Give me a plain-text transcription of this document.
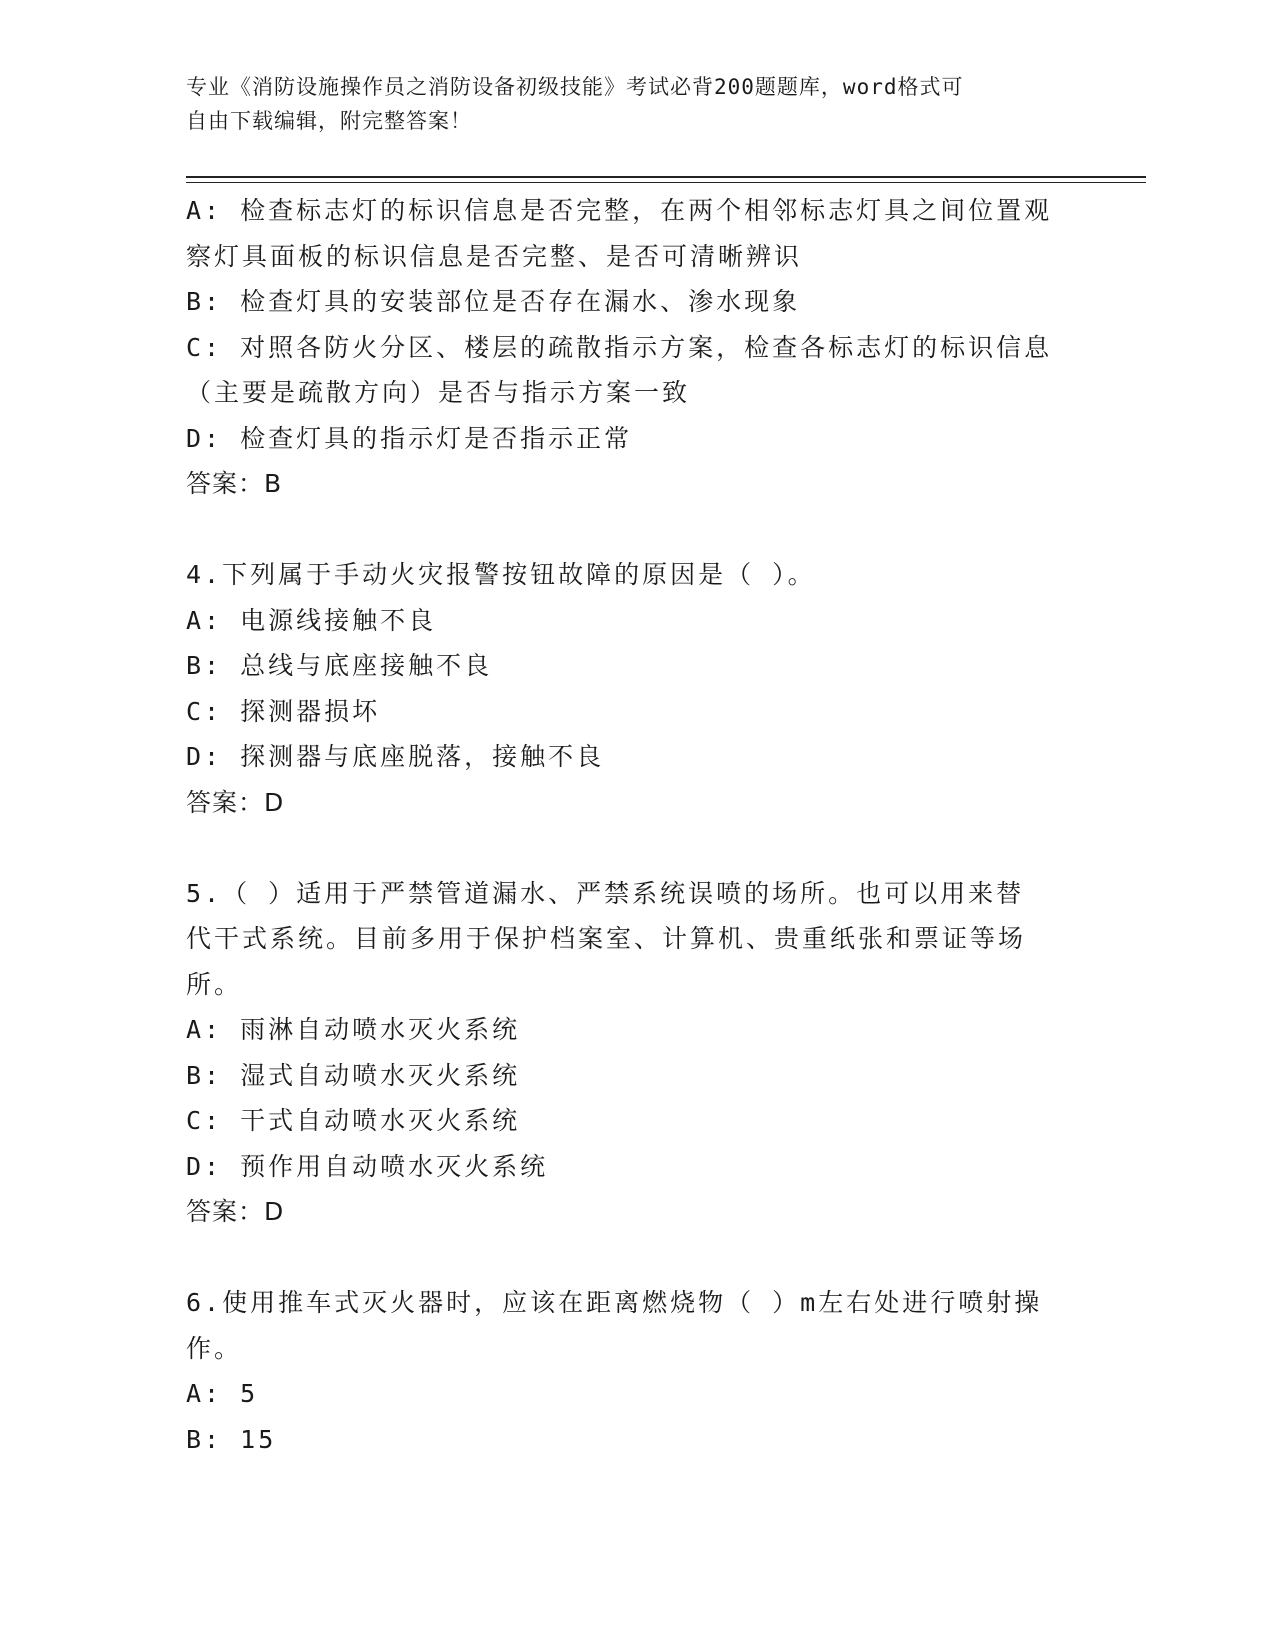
专业《消防设施操作员之消防设备初级技能》考试必背200题题库，word格式可
自由下载编辑，附完整答案！
A: 检查标志灯的标识信息是否完整，在两个相邻标志灯具之间位置观
察灯具面板的标识信息是否完整、是否可清晰辨识
B: 检查灯具的安装部位是否存在漏水、渗水现象
C: 对照各防火分区、楼层的疏散指示方案，检查各标志灯的标识信息
（主要是疏散方向）是否与指示方案一致
D: 检查灯具的指示灯是否指示正常
答案：B
4.下列属于手动火灾报警按钮故障的原因是（ ）。
A: 电源线接触不良
B: 总线与底座接触不良
C: 探测器损坏
D: 探测器与底座脱落，接触不良
答案：D
5.（ ）适用于严禁管道漏水、严禁系统误喷的场所。也可以用来替
代干式系统。目前多用于保护档案室、计算机、贵重纸张和票证等场
所。
A: 雨淋自动喷水灭火系统
B: 湿式自动喷水灭火系统
C: 干式自动喷水灭火系统
D: 预作用自动喷水灭火系统
答案：D
6.使用推车式灭火器时，应该在距离燃烧物（ ）m左右处进行喷射操
作。
A: 5
B: 15
